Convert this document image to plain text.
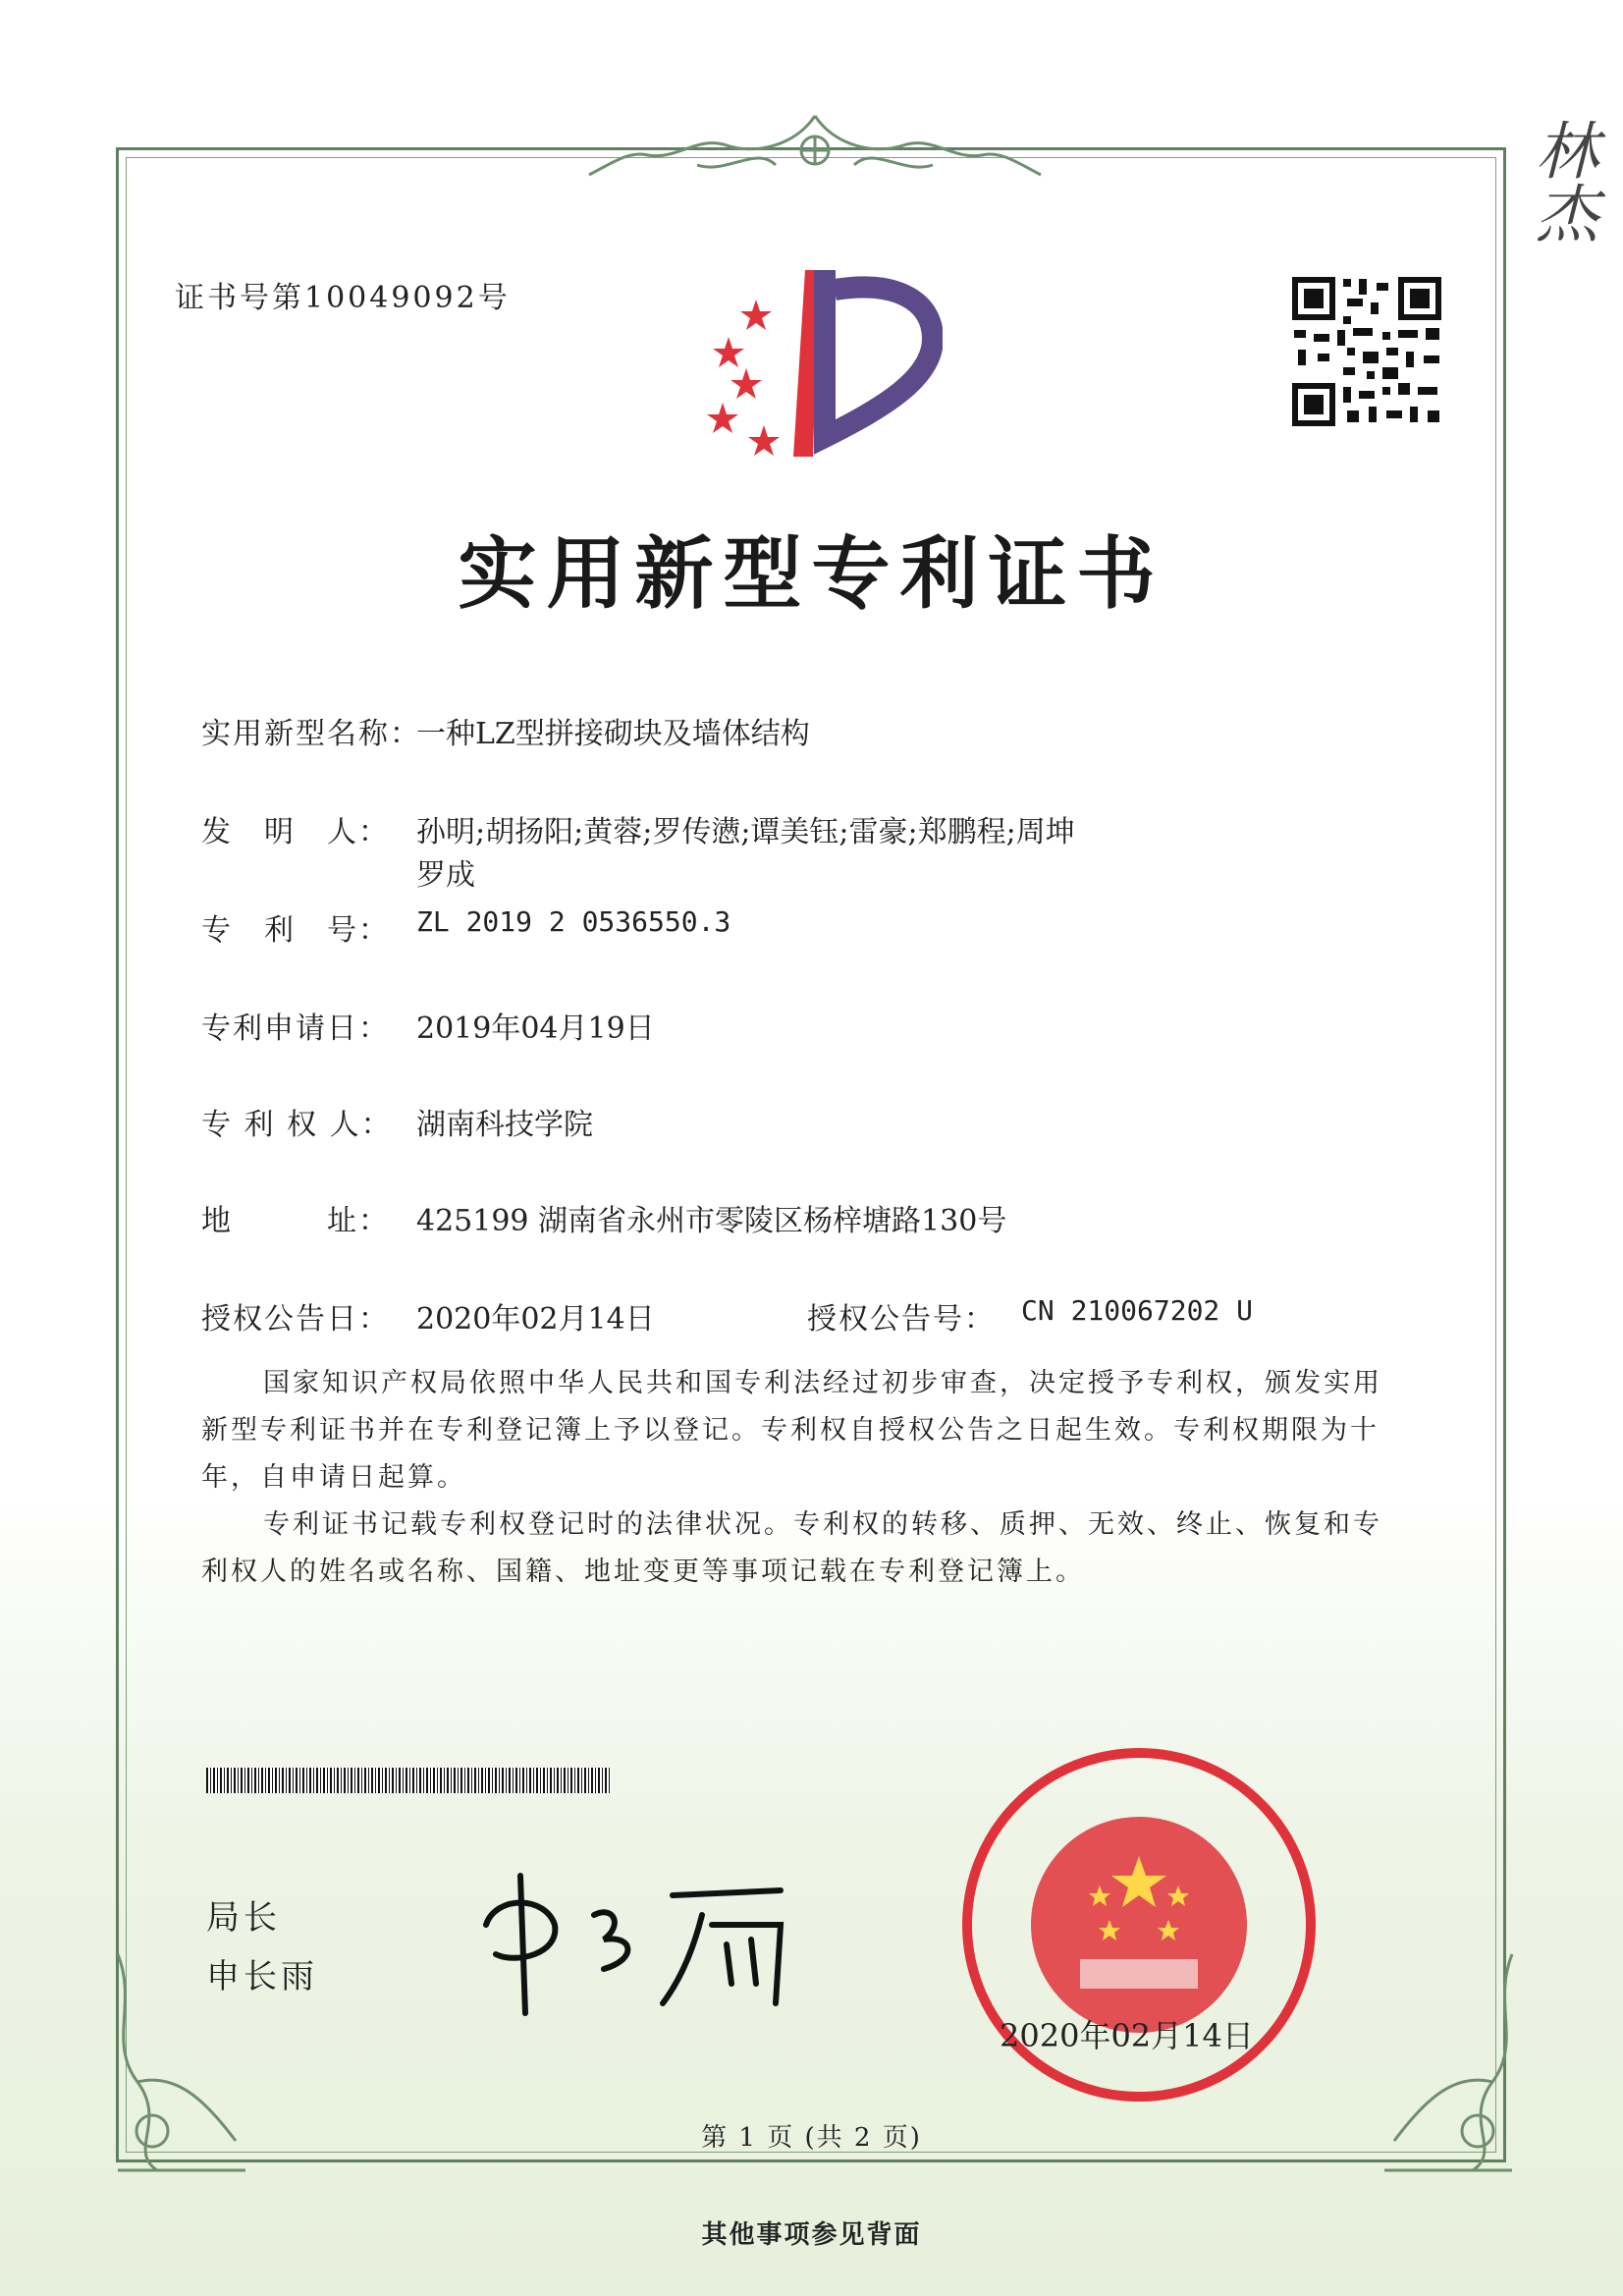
证书号第10049092号
林杰
实用新型专利证书
实用新型名称：
一种LZ型拼接砌块及墙体结构
发　明　人： 孙明;胡扬阳;黄蓉;罗传懑;谭美钰;雷豪;郑鹏程;周坤
罗成
专　利　号： ZL 2019 2 0536550.3
专利申请日： 2019年04月19日
专 利 权 人： 湖南科技学院
地　　　址： 425199 湖南省永州市零陵区杨梓塘路130号
授权公告日： 2020年02月14日	授权公告号： CN 210067202 U
国家知识产权局依照中华人民共和国专利法经过初步审查，决定授予专利权，颁发实用
新型专利证书并在专利登记簿上予以登记。专利权自授权公告之日起生效。专利权期限为十
年，自申请日起算。
专利证书记载专利权登记时的法律状况。专利权的转移、质押、无效、终止、恢复和专
利权人的姓名或名称、国籍、地址变更等事项记载在专利登记簿上。
局长
申长雨
国家知识产权局
2020年02月14日
第 1 页 (共 2 页)
其他事项参见背面
